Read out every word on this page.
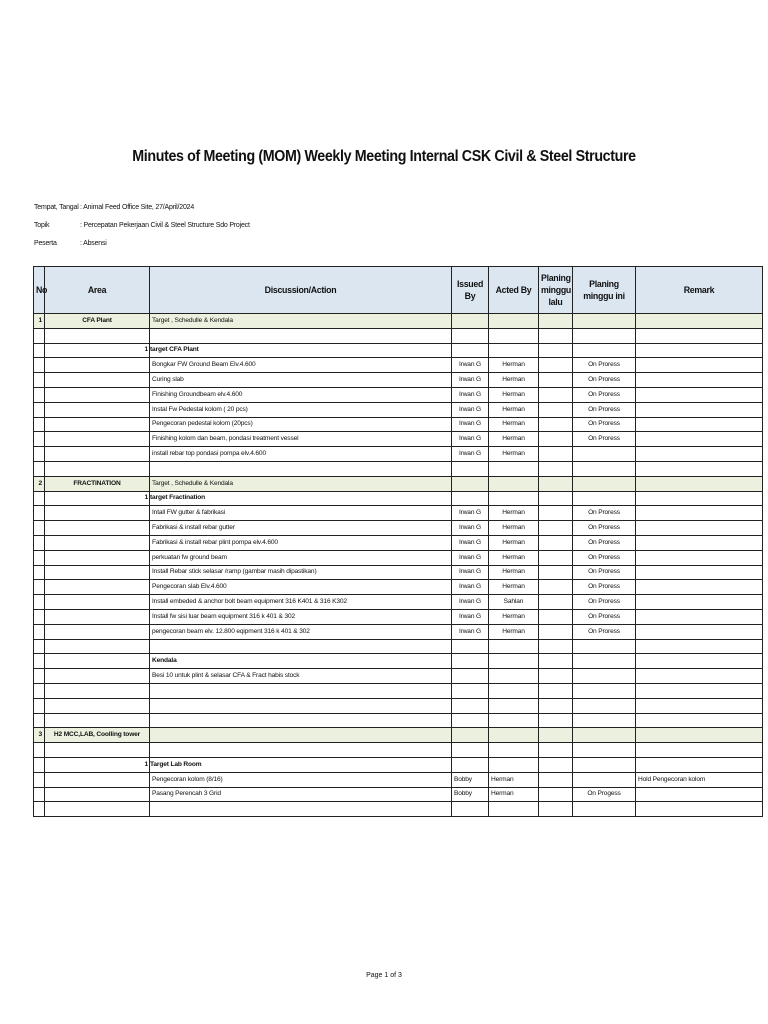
Minutes of Meeting (MOM) Weekly Meeting Internal CSK Civil & Steel Structure
Tempat, Tangal: Animal Feed Office Site, 27/April/2024
Topik	: Percepatan Pekerjaan Civil & Steel Structure Sdo Project
Peserta	: Absensi
No	Area	Discussion/Action	Issued By	Acted By	Planing minggu lalu	Planing minggu ini	Remark
1	CFA Plant	Target , Schedulle & Kendala					

		1 target CFA Plant					
		Bongkar FW Ground Beam Elv.4.600	Irwan G	Herman		On Proress	
		Curing slab	Irwan G	Herman		On Proress	
		Finishing Groundbeam elv.4.600	Irwan G	Herman		On Proress	
		Instal Fw Pedestal kolom ( 20 pcs)	Irwan G	Herman		On Proress	
		Pengecoran pedestal kolom (20pcs)	Irwan G	Herman		On Proress	
		Finishing kolom dan beam, pondasi treatment vessel	Irwan G	Herman		On Proress	
		install rebar top pondasi pompa elv.4.600	Irwan G	Herman			

2	FRACTINATION	Target , Schedulle & Kendala					
		1 target Fractination					
		Intall FW gutter & fabrikasi	Irwan G	Herman		On Proress	
		Fabrikasi & install rebar gutter	Irwan G	Herman		On Proress	
		Fabrikasi & install rebar plint pompa elv.4.600	Irwan G	Herman		On Proress	
		perkuatan fw ground beam	Irwan G	Herman		On Proress	
		Install Rebar stick selasar /ramp (gambar masih dipastikan)	Irwan G	Herman		On Proress	
		Pengecoran slab Elv.4.600	Irwan G	Herman		On Proress	
		Install embeded & anchor bolt beam equipment 316 K401 & 316 K302	Irwan G	Sahlan		On Proress	
		Install fw sisi luar beam equipment 316 k 401 & 302	Irwan G	Herman		On Proress	
		pengecoran beam elv. 12.800 eqipment 316 k 401 & 302	Irwan G	Herman		On Proress	

		Kendala					
		Besi 10 untuk plint & selasar CFA & Fract habis stock					

3	H2 MCC,LAB, Coolling tower						

		1 Target Lab Room					
		Pengecoran kolom (8/16)	Bobby	Herman			Hold Pengecoran kolom
		Pasang Perencah 3 Grid	Bobby	Herman		On Progess	

Page 1 of 3
